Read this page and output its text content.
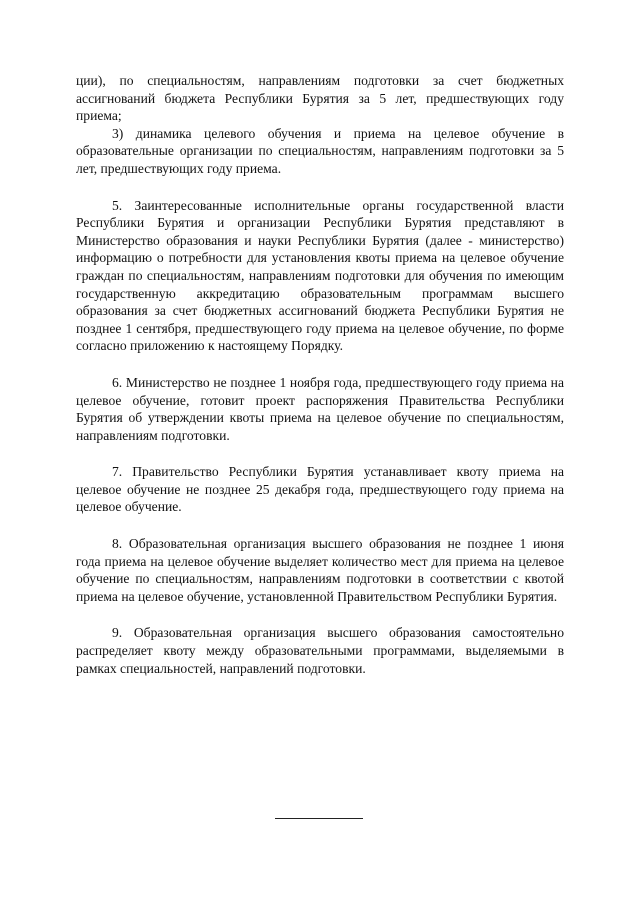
ции), по специальностям, направлениям подготовки за счет бюджетных ассигнований бюджета Республики Бурятия за 5 лет, предшествующих году приема;

3) динамика целевого обучения и приема на целевое обучение в образовательные организации по специальностям, направлениям подготовки за 5 лет, предшествующих году приема.

5. Заинтересованные исполнительные органы государственной власти Республики Бурятия и организации Республики Бурятия представляют в Министерство образования и науки Республики Бурятия (далее - министерство) информацию о потребности для установления квоты приема на целевое обучение граждан по специальностям, направлениям подготовки для обучения по имеющим государственную аккредитацию образовательным программам высшего образования за счет бюджетных ассигнований бюджета Республики Бурятия не позднее 1 сентября, предшествующего году приема на целевое обучение, по форме согласно приложению к настоящему Порядку.

6. Министерство не позднее 1 ноября года, предшествующего году приема на целевое обучение, готовит проект распоряжения Правительства Республики Бурятия об утверждении квоты приема на целевое обучение по специальностям, направлениям подготовки.

7. Правительство Республики Бурятия устанавливает квоту приема на целевое обучение не позднее 25 декабря года, предшествующего году приема на целевое обучение.

8. Образовательная организация высшего образования не позднее 1 июня года приема на целевое обучение выделяет количество мест для приема на целевое обучение по специальностям, направлениям подготовки в соответствии с квотой приема на целевое обучение, установленной Правительством Республики Бурятия.

9. Образовательная организация высшего образования самостоятельно распределяет квоту между образовательными программами, выделяемыми в рамках специальностей, направлений подготовки.
